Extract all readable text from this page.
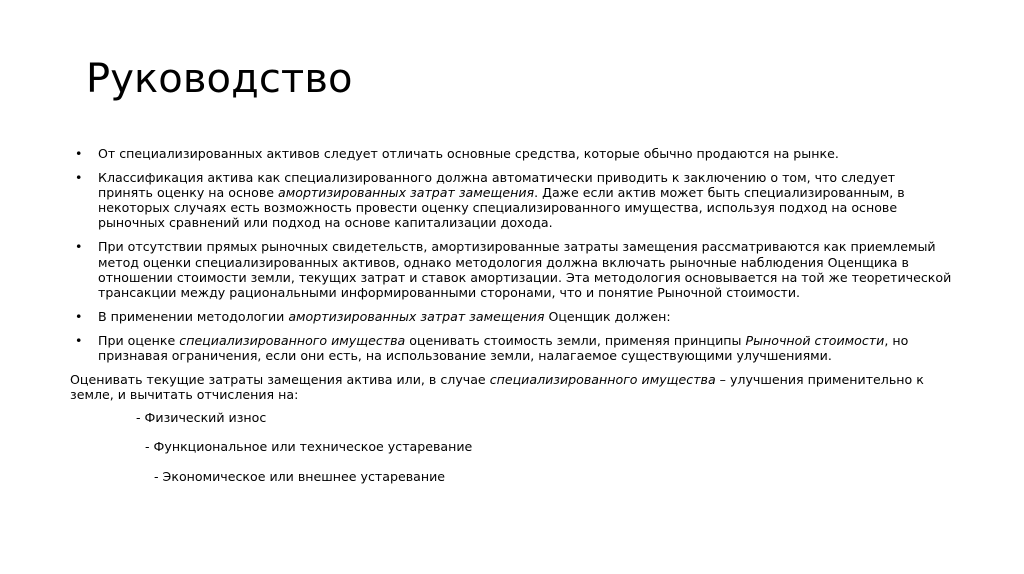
Руководство
• От специализированных активов следует отличать основные средства, которые обычно продаются на рынке.
• Классификация актива как специализированного должна автоматически приводить к заключению о том, что следует принять оценку на основе амортизированных затрат замещения. Даже если актив может быть специализированным, в некоторых случаях есть возможность провести оценку специализированного имущества, используя подход на основе рыночных сравнений или подход на основе капитализации дохода.
• При отсутствии прямых рыночных свидетельств, амортизированные затраты замещения рассматриваются как приемлемый метод оценки специализированных активов, однако методология должна включать рыночные наблюдения Оценщика в отношении стоимости земли, текущих затрат и ставок амортизации. Эта методология основывается на той же теоретической трансакции между рациональными информированными сторонами, что и понятие Рыночной стоимости.
• В применении методологии амортизированных затрат замещения Оценщик должен:
• При оценке специализированного имущества оценивать стоимость земли, применяя принципы Рыночной стоимости, но признавая ограничения, если они есть, на использование земли, налагаемое существующими улучшениями.

Оценивать текущие затраты замещения актива или, в случае специализированного имущества – улучшения применительно к земле, и вычитать отчисления на:

- Физический износ
- Функциональное или техническое устаревание
- Экономическое или внешнее устаревание
